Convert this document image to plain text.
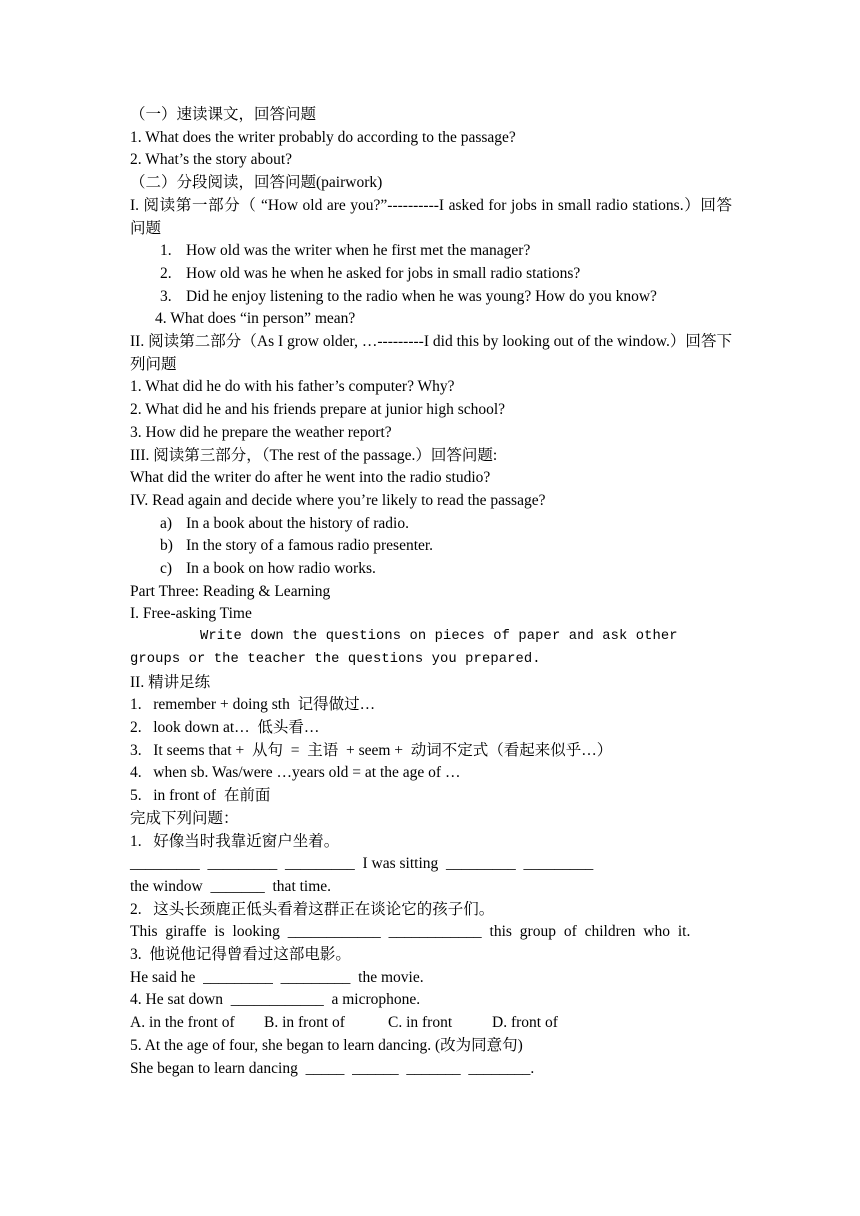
（一）速读课文，回答问题
1. What does the writer probably do according to the passage?
2. What’s the story about?
（二）分段阅读，回答问题(pairwork)
I. 阅读第一部分（ “How old are you?”----------I asked for jobs in small radio stations.）回答问题
1. How old was the writer when he first met the manager?
2. How old was he when he asked for jobs in small radio stations?
3. Did he enjoy listening to the radio when he was young? How do you know?
4. What does “in person” mean?
II. 阅读第二部分（As I grow older, …---------I did this by looking out of the window.）回答下列问题
1. What did he do with his father’s computer? Why?
2. What did he and his friends prepare at junior high school?
3. How did he prepare the weather report?
III. 阅读第三部分，（The rest of the passage.）回答问题:
What did the writer do after he went into the radio studio?
IV. Read again and decide where you’re likely to read the passage?
a) In a book about the history of radio.
b) In the story of a famous radio presenter.
c) In a book on how radio works.
Part Three: Reading & Learning
I. Free-asking Time
Write down the questions on pieces of paper and ask other groups or the teacher the questions you prepared.
II. 精讲足练
1.   remember + doing sth  记得做过…
2.   look down at…  低头看…
3.   It seems that +  从句  =  主语  + seem +  动词不定式（看起来似乎…）
4.   when sb. Was/were …years old = at the age of …
5.   in front of  在前面
完成下列问题：
1.   好像当时我靠近窗户坐着。
_________  _________  _________  I was sitting  _________  _________
the window  _______  that time.
2.   这头长颈鹿正低头看着这群正在谈论它的孩子们。
This giraffe is looking ____________ ____________ this group of children who it.
3.  他说他记得曾看过这部电影。
He said he  _________  _________  the movie.
4. He sat down  ____________  a microphone.
A. in the front of B. in front of	C. in front	D. front of
5. At the age of four, she began to learn dancing. (改为同意句)
She began to learn dancing  _____  ______  _______  ________.
